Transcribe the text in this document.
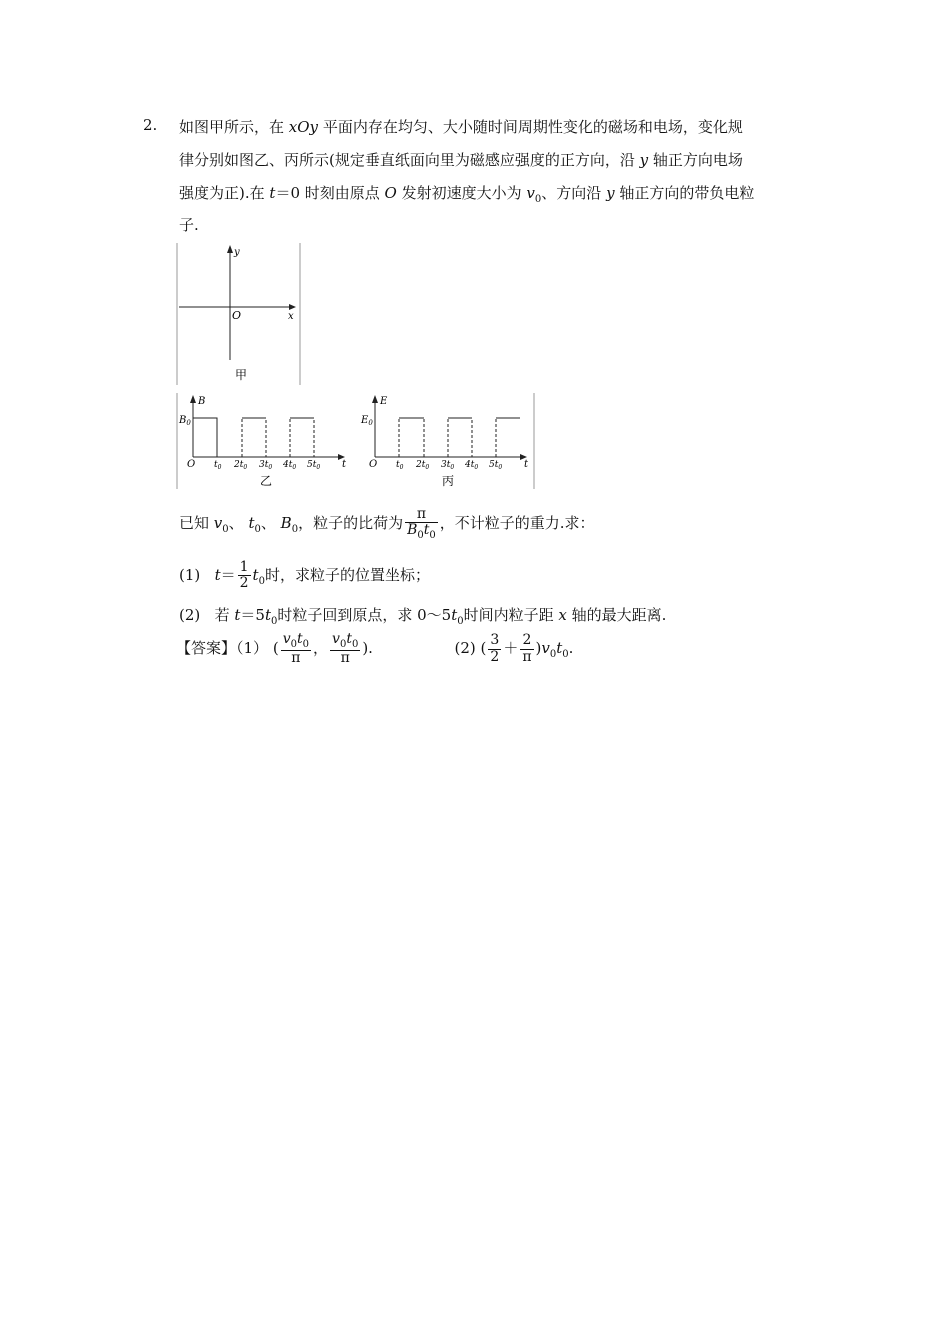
2. 如图甲所示，在 xOy 平面内存在均匀、大小随时间周期性变化的磁场和电场，变化规
律分别如图乙、丙所示(规定垂直纸面向里为磁感应强度的正方向，沿 y 轴正方向电场
强度为正).在 t＝0 时刻由原点 O 发射初速度大小为 $v_0$、方向沿 y 轴正方向的带负电粒
子.
y
x
O
甲
B
t
$B_0$
O $t_0$ $2t_0$ $3t_0$ $4t_0$ $5t_0$
乙
E
t
$E_0$
O $t_0$ $2t_0$ $3t_0$ $4t_0$ $5t_0$
丙
已知 $v_0$、 $t_0$、 $B_0$，粒子的比荷为 $\frac{\pi}{B_0t_0}$ ，不计粒子的重力.求：
(1) $t= \frac{1}{2} t_0$时，求粒子的位置坐标；
(2) 若 $t=5t_0$时粒子回到原点，求 $0\sim 5t_0$时间内粒子距 x 轴的最大距离.
【答案】（1） ( $\frac{v_0t_0}{\pi}$ ， $\frac{v_0t_0}{\pi}$ ).	(2) ( $\frac{3}{2} + \frac{2}{\pi} )v_0t_0$.
